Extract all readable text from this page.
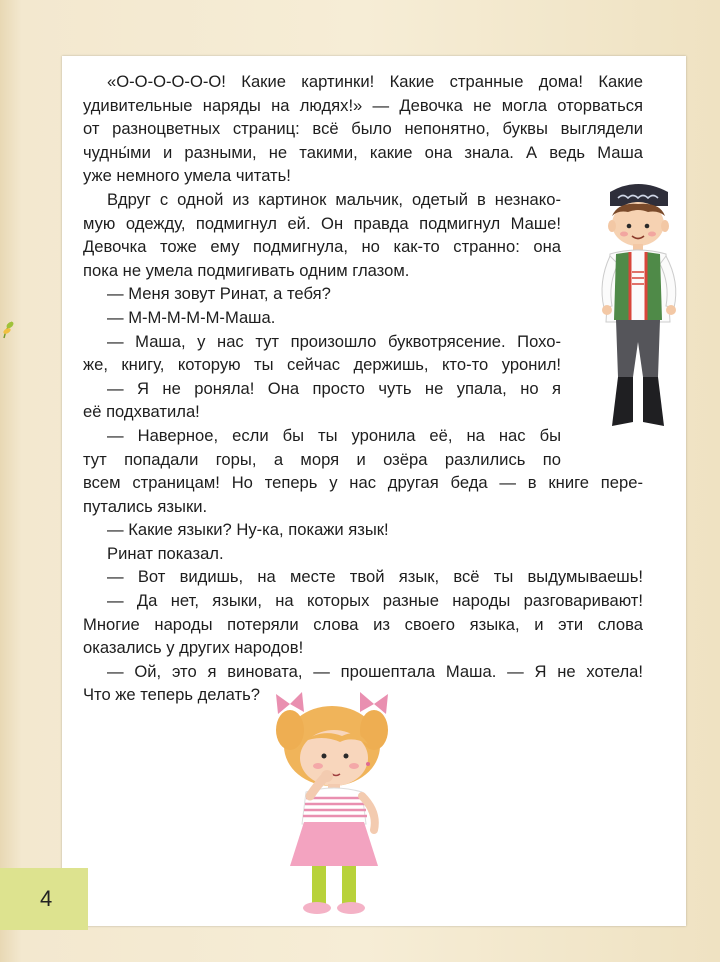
4
«О-О-О-О-О-О! Какие картинки! Какие странные дома! Какие
удивительные наряды на людях!» — Девочка не могла оторваться
от разноцветных страниц: всё было непонятно, буквы выглядели
чудны́ми и разными, не такими, какие она знала. А ведь Маша
уже немного умела читать!
Вдруг с одной из картинок мальчик, одетый в незнако-
мую одежду, подмигнул ей. Он правда подмигнул Маше!
Девочка тоже ему подмигнула, но как-то странно: она
пока не умела подмигивать одним глазом.
— Меня зовут Ринат, а тебя?
— М-М-М-М-М-Маша.
— Маша, у нас тут произошло буквотрясение. Похо-
же, книгу, которую ты сейчас держишь, кто-то уронил!
— Я не роняла! Она просто чуть не упала, но я
её подхватила!
— Наверное, если бы ты уронила её, на нас бы
тут попадали горы, а моря и озёра разлились по
всем страницам! Но теперь у нас другая беда — в книге пере-
путались языки.
— Какие языки? Ну-ка, покажи язык!
Ринат показал.
— Вот видишь, на месте твой язык, всё ты выдумываешь!
— Да нет, языки, на которых разные народы разговаривают!
Многие народы потеряли слова из своего языка, и эти слова
оказались у других народов!
— Ой, это я виновата, — прошептала Маша. — Я не хотела!
Что же теперь делать?
